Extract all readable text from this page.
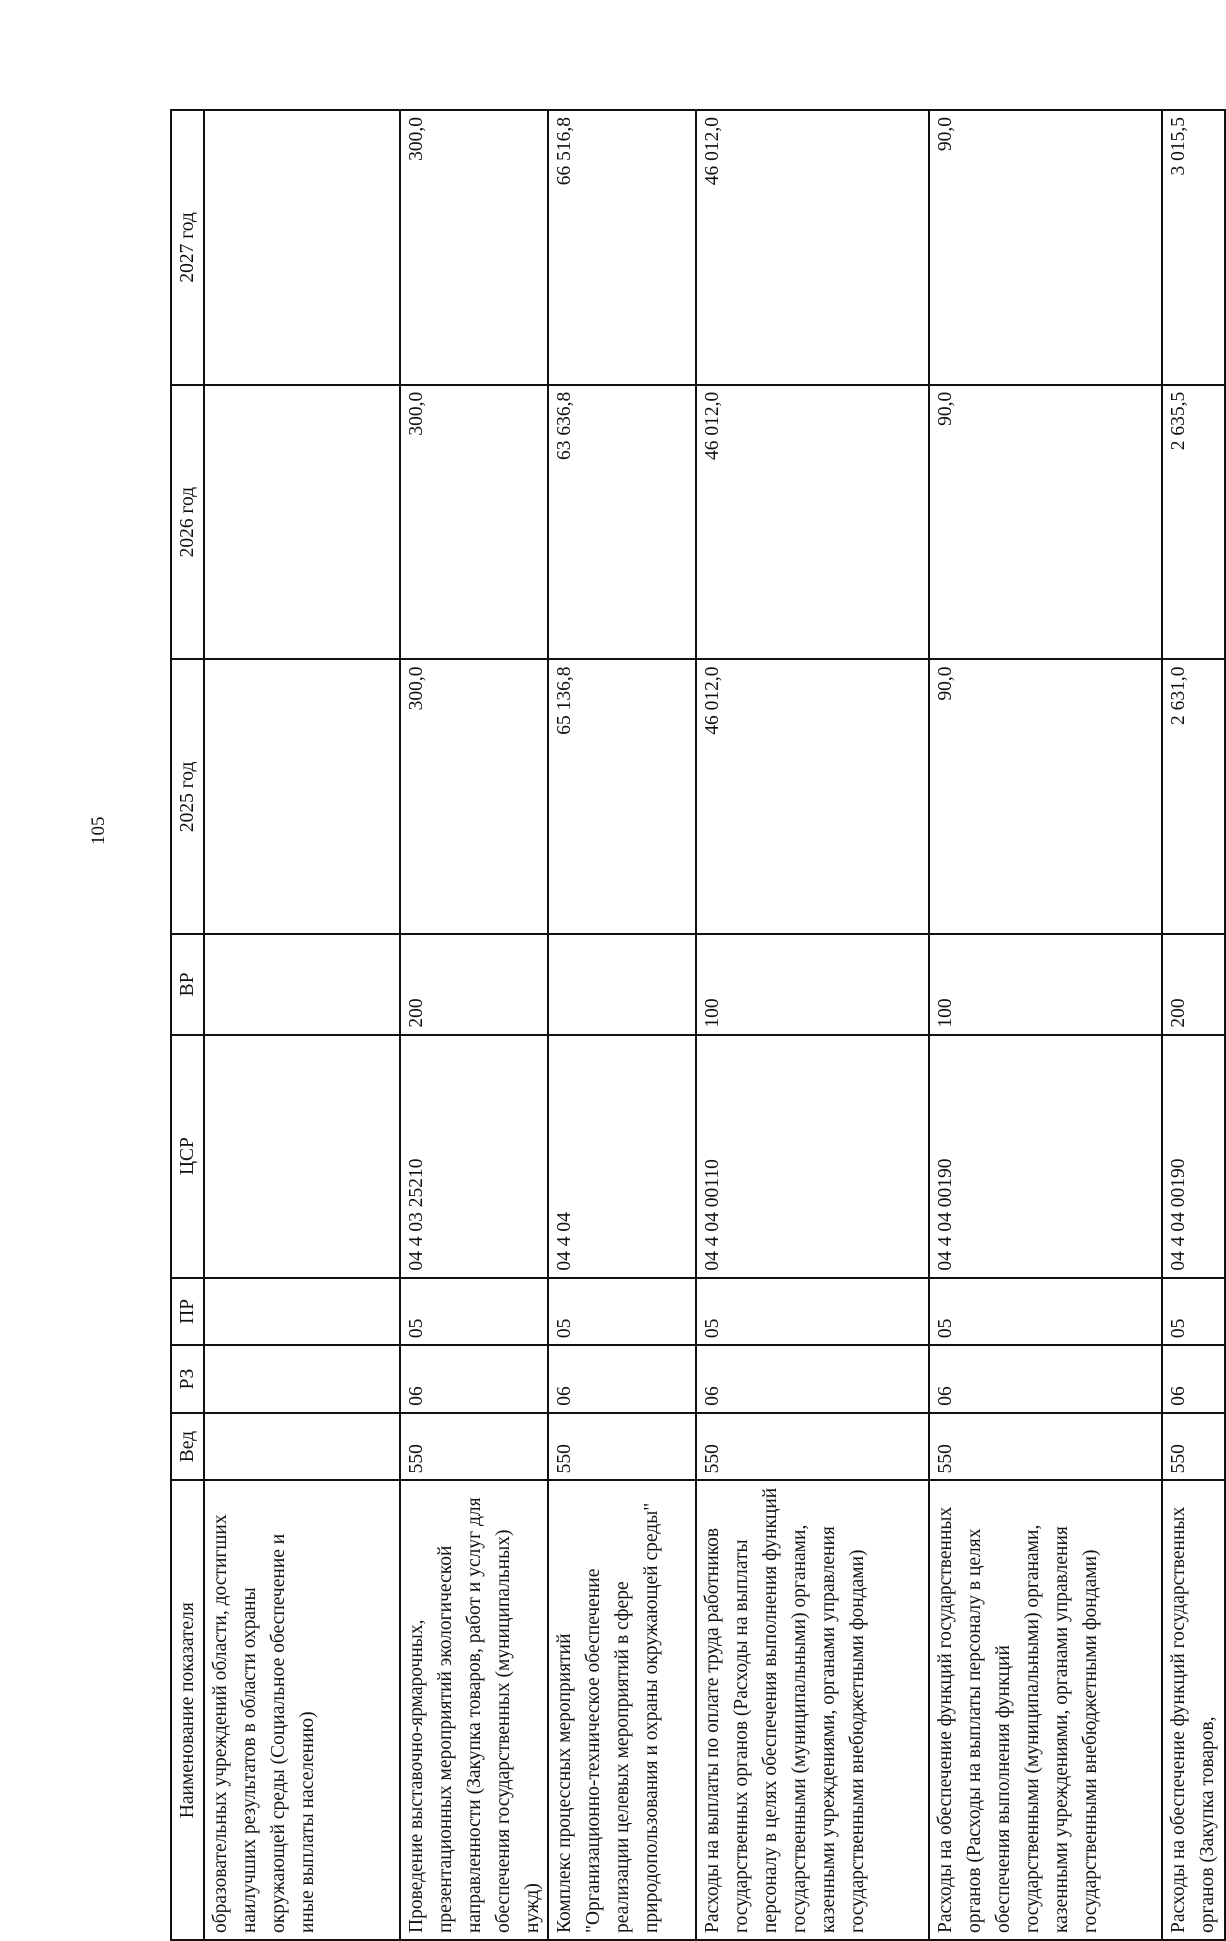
105
Наименование показателя	Вед	РЗ	ПР	ЦСР	ВР	2025 год	2026 год	2027 год
образовательных учреждений области, достигших наилучших результатов в области охраны окружающей среды (Социальное обеспечение и иные выплаты населению)								
Проведение выставочно-ярмарочных, презентационных мероприятий экологической направленности (Закупка товаров, работ и услуг для обеспечения государственных (муниципальных) нужд)	550	06	05	04 4 03 25210	200	300,0	300,0	300,0
Комплекс процессных мероприятий "Организационно-техническое обеспечение реализации целевых мероприятий в сфере природопользования и охраны окружающей среды"	550	06	05	04 4 04		65 136,8	63 636,8	66 516,8
Расходы на выплаты по оплате труда работников государственных органов (Расходы на выплаты персоналу в целях обеспечения выполнения функций государственными (муниципальными) органами, казенными учреждениями, органами управления государственными внебюджетными фондами)	550	06	05	04 4 04 00110	100	46 012,0	46 012,0	46 012,0
Расходы на обеспечение функций государственных органов (Расходы на выплаты персоналу в целях обеспечения выполнения функций государственными (муниципальными) органами, казенными учреждениями, органами управления государственными внебюджетными фондами)	550	06	05	04 4 04 00190	100	90,0	90,0	90,0
Расходы на обеспечение функций государственных органов (Закупка товаров,	550	06	05	04 4 04 00190	200	2 631,0	2 635,5	3 015,5
